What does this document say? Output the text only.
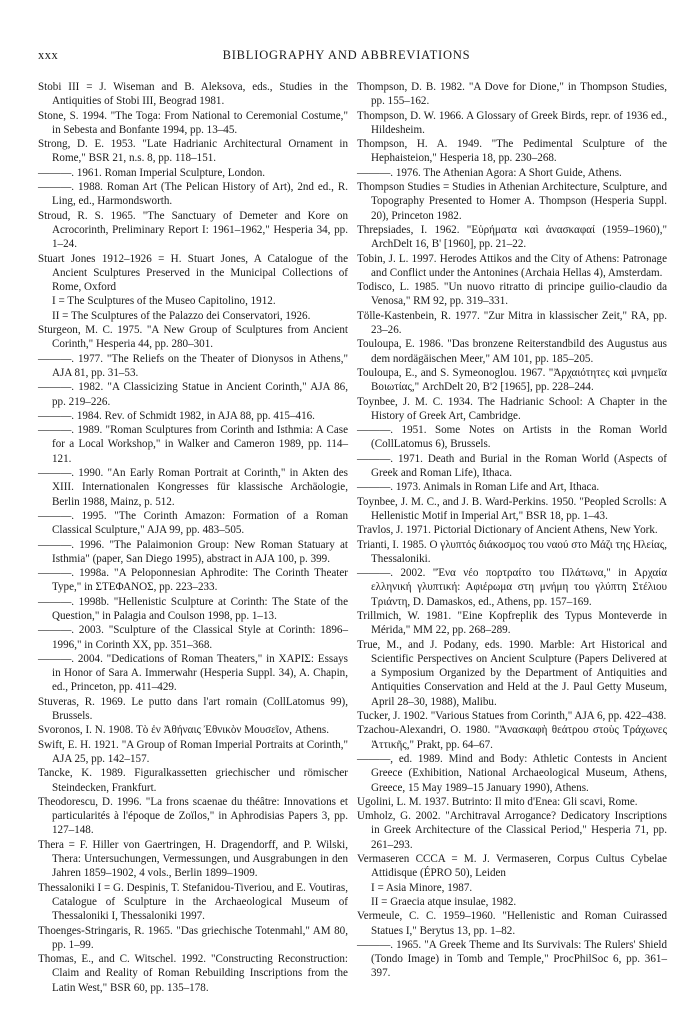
xxx	BIBLIOGRAPHY AND ABBREVIATIONS

Stobi III = J. Wiseman and B. Aleksova, eds., Studies in the Antiquities of Stobi III, Beograd 1981.

Stone, S. 1994. "The Toga: From National to Ceremonial Costume," in Sebesta and Bonfante 1994, pp. 13–45.

Strong, D. E. 1953. "Late Hadrianic Architectural Ornament in Rome," BSR 21, n.s. 8, pp. 118–151.

———. 1961. Roman Imperial Sculpture, London.

———. 1988. Roman Art (The Pelican History of Art), 2nd ed., R. Ling, ed., Harmondsworth.

Stroud, R. S. 1965. "The Sanctuary of Demeter and Kore on Acrocorinth, Preliminary Report I: 1961–1962," Hesperia 34, pp. 1–24.

Stuart Jones 1912–1926 = H. Stuart Jones, A Catalogue of the Ancient Sculptures Preserved in the Municipal Collections of Rome, Oxford

I = The Sculptures of the Museo Capitolino, 1912.

II = The Sculptures of the Palazzo dei Conservatori, 1926.

Sturgeon, M. C. 1975. "A New Group of Sculptures from Ancient Corinth," Hesperia 44, pp. 280–301.

———. 1977. "The Reliefs on the Theater of Dionysos in Athens," AJA 81, pp. 31–53.

———. 1982. "A Classicizing Statue in Ancient Corinth," AJA 86, pp. 219–226.

———. 1984. Rev. of Schmidt 1982, in AJA 88, pp. 415–416.

———. 1989. "Roman Sculptures from Corinth and Isthmia: A Case for a Local Workshop," in Walker and Cameron 1989, pp. 114–121.

———. 1990. "An Early Roman Portrait at Corinth," in Akten des XIII. Internationalen Kongresses für klassische Archäologie, Berlin 1988, Mainz, p. 512.

———. 1995. "The Corinth Amazon: Formation of a Roman Classical Sculpture," AJA 99, pp. 483–505.

———. 1996. "The Palaimonion Group: New Roman Statuary at Isthmia" (paper, San Diego 1995), abstract in AJA 100, p. 399.

———. 1998a. "A Peloponnesian Aphrodite: The Corinth Theater Type," in ΣΤΕΦΑΝΟΣ, pp. 223–233.

———. 1998b. "Hellenistic Sculpture at Corinth: The State of the Question," in Palagia and Coulson 1998, pp. 1–13.

———. 2003. "Sculpture of the Classical Style at Corinth: 1896–1996," in Corinth XX, pp. 351–368.

———. 2004. "Dedications of Roman Theaters," in ΧΑΡΙΣ: Essays in Honor of Sara A. Immerwahr (Hesperia Suppl. 34), A. Chapin, ed., Princeton, pp. 411–429.

Stuveras, R. 1969. Le putto dans l'art romain (CollLatomus 99), Brussels.

Svoronos, I. N. 1908. Τὸ ἐν Ἀθήναις Ἐθνικὸν Μουσεῖον, Athens.

Swift, E. H. 1921. "A Group of Roman Imperial Portraits at Corinth," AJA 25, pp. 142–157.

Tancke, K. 1989. Figuralkassetten griechischer und römischer Steindecken, Frankfurt.

Theodorescu, D. 1996. "La frons scaenae du théâtre: Innovations et particularités à l'époque de Zoïlos," in Aphrodisias Papers 3, pp. 127–148.

Thera = F. Hiller von Gaertringen, H. Dragendorff, and P. Wilski, Thera: Untersuchungen, Vermessungen, und Ausgrabungen in den Jahren 1859–1902, 4 vols., Berlin 1899–1909.

Thessaloniki I = G. Despinis, T. Stefanidou-Tiveriou, and E. Voutiras, Catalogue of Sculpture in the Archaeological Museum of Thessaloniki I, Thessaloniki 1997.

Thoenges-Stringaris, R. 1965. "Das griechische Totenmahl," AM 80, pp. 1–99.

Thomas, E., and C. Witschel. 1992. "Constructing Reconstruction: Claim and Reality of Roman Rebuilding Inscriptions from the Latin West," BSR 60, pp. 135–178.

Thompson, D. B. 1982. "A Dove for Dione," in Thompson Studies, pp. 155–162.

Thompson, D. W. 1966. A Glossary of Greek Birds, repr. of 1936 ed., Hildesheim.

Thompson, H. A. 1949. "The Pedimental Sculpture of the Hephaisteion," Hesperia 18, pp. 230–268.

———. 1976. The Athenian Agora: A Short Guide, Athens.

Thompson Studies = Studies in Athenian Architecture, Sculpture, and Topography Presented to Homer A. Thompson (Hesperia Suppl. 20), Princeton 1982.

Threpsiades, I. 1962. "Εὑρήματα καὶ ἀνασκαφαί (1959–1960)," ArchDelt 16, B' [1960], pp. 21–22.

Tobin, J. L. 1997. Herodes Attikos and the City of Athens: Patronage and Conflict under the Antonines (Archaia Hellas 4), Amsterdam.

Todisco, L. 1985. "Un nuovo ritratto di principe guilio-claudio da Venosa," RM 92, pp. 319–331.

Tölle-Kastenbein, R. 1977. "Zur Mitra in klassischer Zeit," RA, pp. 23–26.

Touloupa, E. 1986. "Das bronzene Reiterstandbild des Augustus aus dem nordägäischen Meer," AM 101, pp. 185–205.

Touloupa, E., and S. Symeonoglou. 1967. "Ἀρχαιότητες καὶ μνημεῖα Βοιωτίας," ArchDelt 20, B'2 [1965], pp. 228–244.

Toynbee, J. M. C. 1934. The Hadrianic School: A Chapter in the History of Greek Art, Cambridge.

———. 1951. Some Notes on Artists in the Roman World (CollLatomus 6), Brussels.

———. 1971. Death and Burial in the Roman World (Aspects of Greek and Roman Life), Ithaca.

———. 1973. Animals in Roman Life and Art, Ithaca.

Toynbee, J. M. C., and J. B. Ward-Perkins. 1950. "Peopled Scrolls: A Hellenistic Motif in Imperial Art," BSR 18, pp. 1–43.

Travlos, J. 1971. Pictorial Dictionary of Ancient Athens, New York.

Trianti, I. 1985. Ο γλυπτός διάκοσμος του ναού στο Μάζι της Ηλείας, Thessaloniki.

———. 2002. "Ένα νέο πορτραίτο του Πλάτωνα," in Αρχαία ελληνική γλυπτική: Αφιέρωμα στη μνήμη του γλύπτη Στέλιου Τριάντη, D. Damaskos, ed., Athens, pp. 157–169.

Trillmich, W. 1981. "Eine Kopfreplik des Typus Monteverde in Mérida," MM 22, pp. 268–289.

True, M., and J. Podany, eds. 1990. Marble: Art Historical and Scientific Perspectives on Ancient Sculpture (Papers Delivered at a Symposium Organized by the Department of Antiquities and Antiquities Conservation and Held at the J. Paul Getty Museum, April 28–30, 1988), Malibu.

Tucker, J. 1902. "Various Statues from Corinth," AJA 6, pp. 422–438.

Tzachou-Alexandri, O. 1980. "Ἀνασκαφὴ θεάτρου στοὺς Τράχωνες Ἀττικῆς," Prakt, pp. 64–67.

———, ed. 1989. Mind and Body: Athletic Contests in Ancient Greece (Exhibition, National Archaeological Museum, Athens, Greece, 15 May 1989–15 January 1990), Athens.

Ugolini, L. M. 1937. Butrinto: Il mito d'Enea: Gli scavi, Rome.

Umholz, G. 2002. "Architraval Arrogance? Dedicatory Inscriptions in Greek Architecture of the Classical Period," Hesperia 71, pp. 261–293.

Vermaseren CCCA = M. J. Vermaseren, Corpus Cultus Cybelae Attidisque (ÉPRO 50), Leiden

I = Asia Minore, 1987.

II = Graecia atque insulae, 1982.

Vermeule, C. C. 1959–1960. "Hellenistic and Roman Cuirassed Statues I," Berytus 13, pp. 1–82.

———. 1965. "A Greek Theme and Its Survivals: The Rulers' Shield (Tondo Image) in Tomb and Temple," ProcPhilSoc 6, pp. 361–397.
